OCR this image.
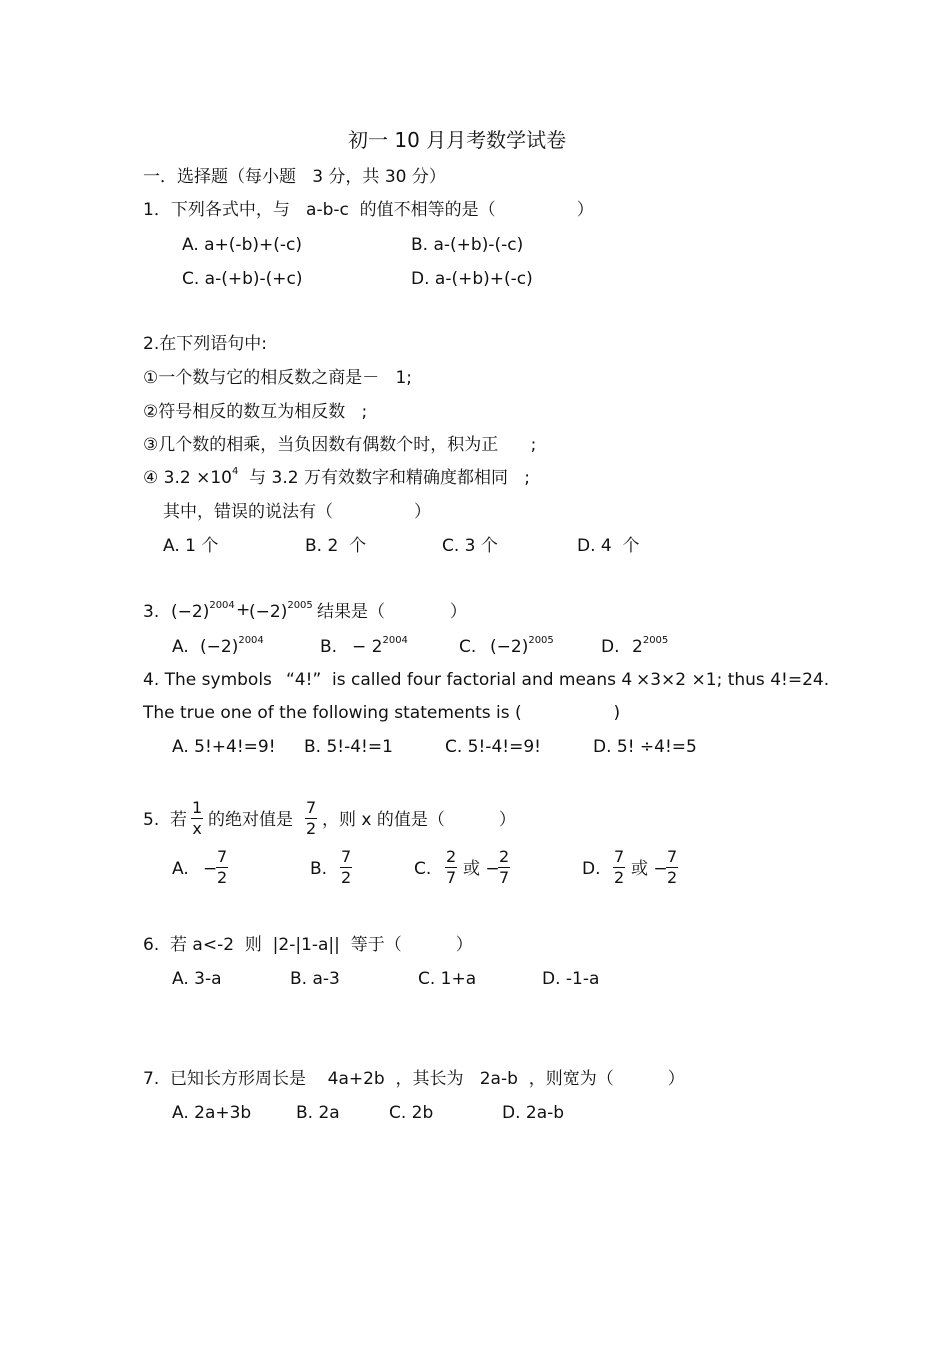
初一 10 月月考数学试卷
一．选择题（每小题   3 分，共 30 分）
1．下列各式中，与   a-b-c  的值不相等的是（               ）
A. a+(-b)+(-c)	B. a-(+b)-(-c)
C. a-(+b)-(+c)	D. a-(+b)+(-c)
2.在下列语句中:
①一个数与它的相反数之商是－   1;
②符号相反的数互为相反数   ;
③几个数的相乘，当负因数有偶数个时，积为正      ;
④ $3.2 \times 10^4$  与 3.2 万有效数字和精确度都相同   ;
其中，错误的说法有（               ）
A. 1 个	B. 2  个	C. 3 个	D. 4  个
3. $(-2)^{2004}$ +
$(-2)^{2005}$ 结果是（            ）
A. $(-2)^{2004}$	B. − $2^{2004}$	C. $(-2)^{2005}$	D. $2^{2005}$
4. The symbols “4!”  is called four factorial and means 4 ×3×2 ×1; thus 4!=24.
The true one of the following statements is (                 )
A. 5!+4!=9! B. 5!-4!=1	C. 5!-4!=9!	D. 5! ÷4!=5
5.  若 $\frac{1}{x}$ 的绝对值是 $\frac{7}{2}$ ，则 x 的值是（          ）
A. −
$\frac{7}{2}$	B. $\frac{7}{2}$	C. $\frac{2}{7}$ 或 −
$\frac{2}{7}$	D. $\frac{7}{2}$ 或 −
$\frac{7}{2}$
6.  若 a<-2  则  |2-|1-a||  等于（          ）
A. 3-a	B. a-3	C. 1+a	D. -1-a
7.  已知长方形周长是    4a+2b  ，其长为   2a-b  ，则宽为（          ）
A. 2a+3b	B. 2a	C. 2b	D. 2a-b
